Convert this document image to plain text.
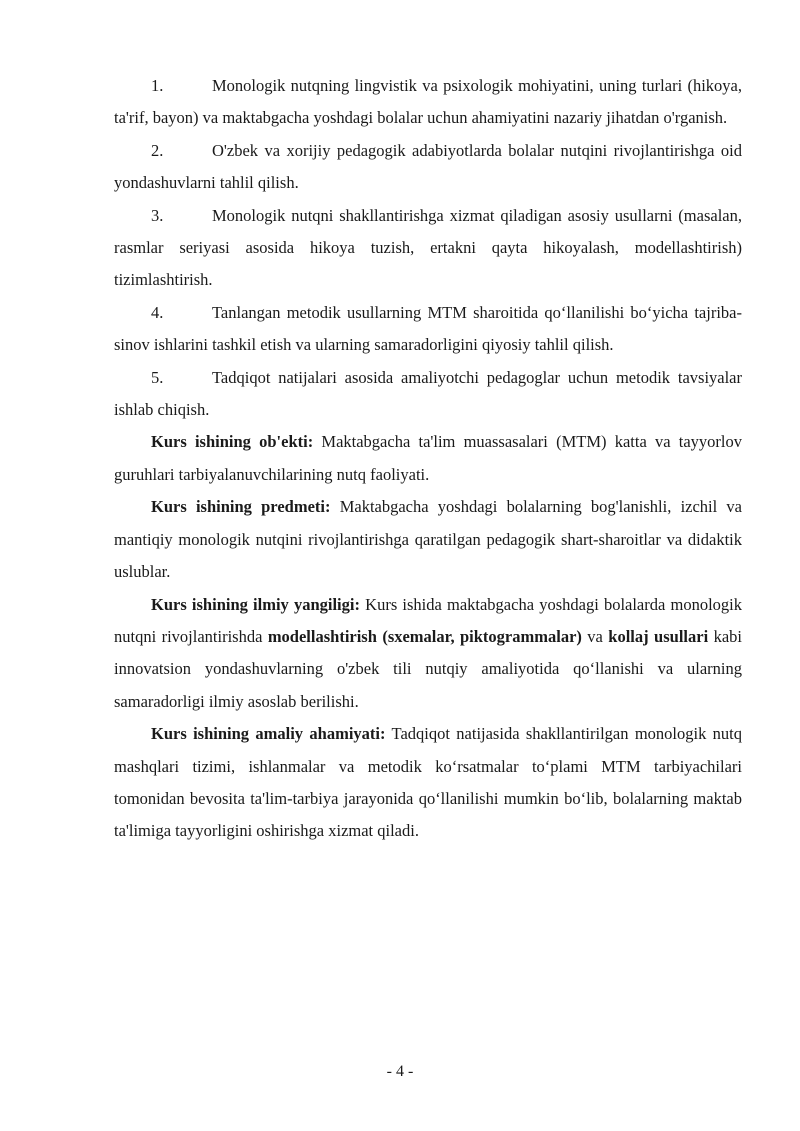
1.	Monologik nutqning lingvistik va psixologik mohiyatini, uning turlari (hikoya, ta'rif, bayon) va maktabgacha yoshdagi bolalar uchun ahamiyatini nazariy jihatdan o'rganish.

2.	O'zbek va xorijiy pedagogik adabiyotlarda bolalar nutqini rivojlantirishga oid yondashuvlarni tahlil qilish.

3.	Monologik nutqni shakllantirishga xizmat qiladigan asosiy usullarni (masalan, rasmlar seriyasi asosida hikoya tuzish, ertakni qayta hikoyalash, modellashtirish) tizimlashtirish.

4.	Tanlangan metodik usullarning MTM sharoitida qo‘llanilishi bo‘yicha tajriba-sinov ishlarini tashkil etish va ularning samaradorligini qiyosiy tahlil qilish.

5.	Tadqiqot natijalari asosida amaliyotchi pedagoglar uchun metodik tavsiyalar ishlab chiqish.

Kurs ishining ob'ekti: Maktabgacha ta'lim muassasalari (MTM) katta va tayyorlov guruhlari tarbiyalanuvchilarining nutq faoliyati.

Kurs ishining predmeti: Maktabgacha yoshdagi bolalarning bog'lanishli, izchil va mantiqiy monologik nutqini rivojlantirishga qaratilgan pedagogik shart-sharoitlar va didaktik uslublar.

Kurs ishining ilmiy yangiligi: Kurs ishida maktabgacha yoshdagi bolalarda monologik nutqni rivojlantirishda modellashtirish (sxemalar, piktogrammalar) va kollaj usullari kabi innovatsion yondashuvlarning o'zbek tili nutqiy amaliyotida qo‘llanishi va ularning samaradorligi ilmiy asoslab berilishi.

Kurs ishining amaliy ahamiyati: Tadqiqot natijasida shakllantirilgan monologik nutq mashqlari tizimi, ishlanmalar va metodik ko‘rsatmalar to‘plami MTM tarbiyachilari tomonidan bevosita ta'lim-tarbiya jarayonida qo‘llanilishi mumkin bo‘lib, bolalarning maktab ta'limiga tayyorligini oshirishga xizmat qiladi.

- 4 -
